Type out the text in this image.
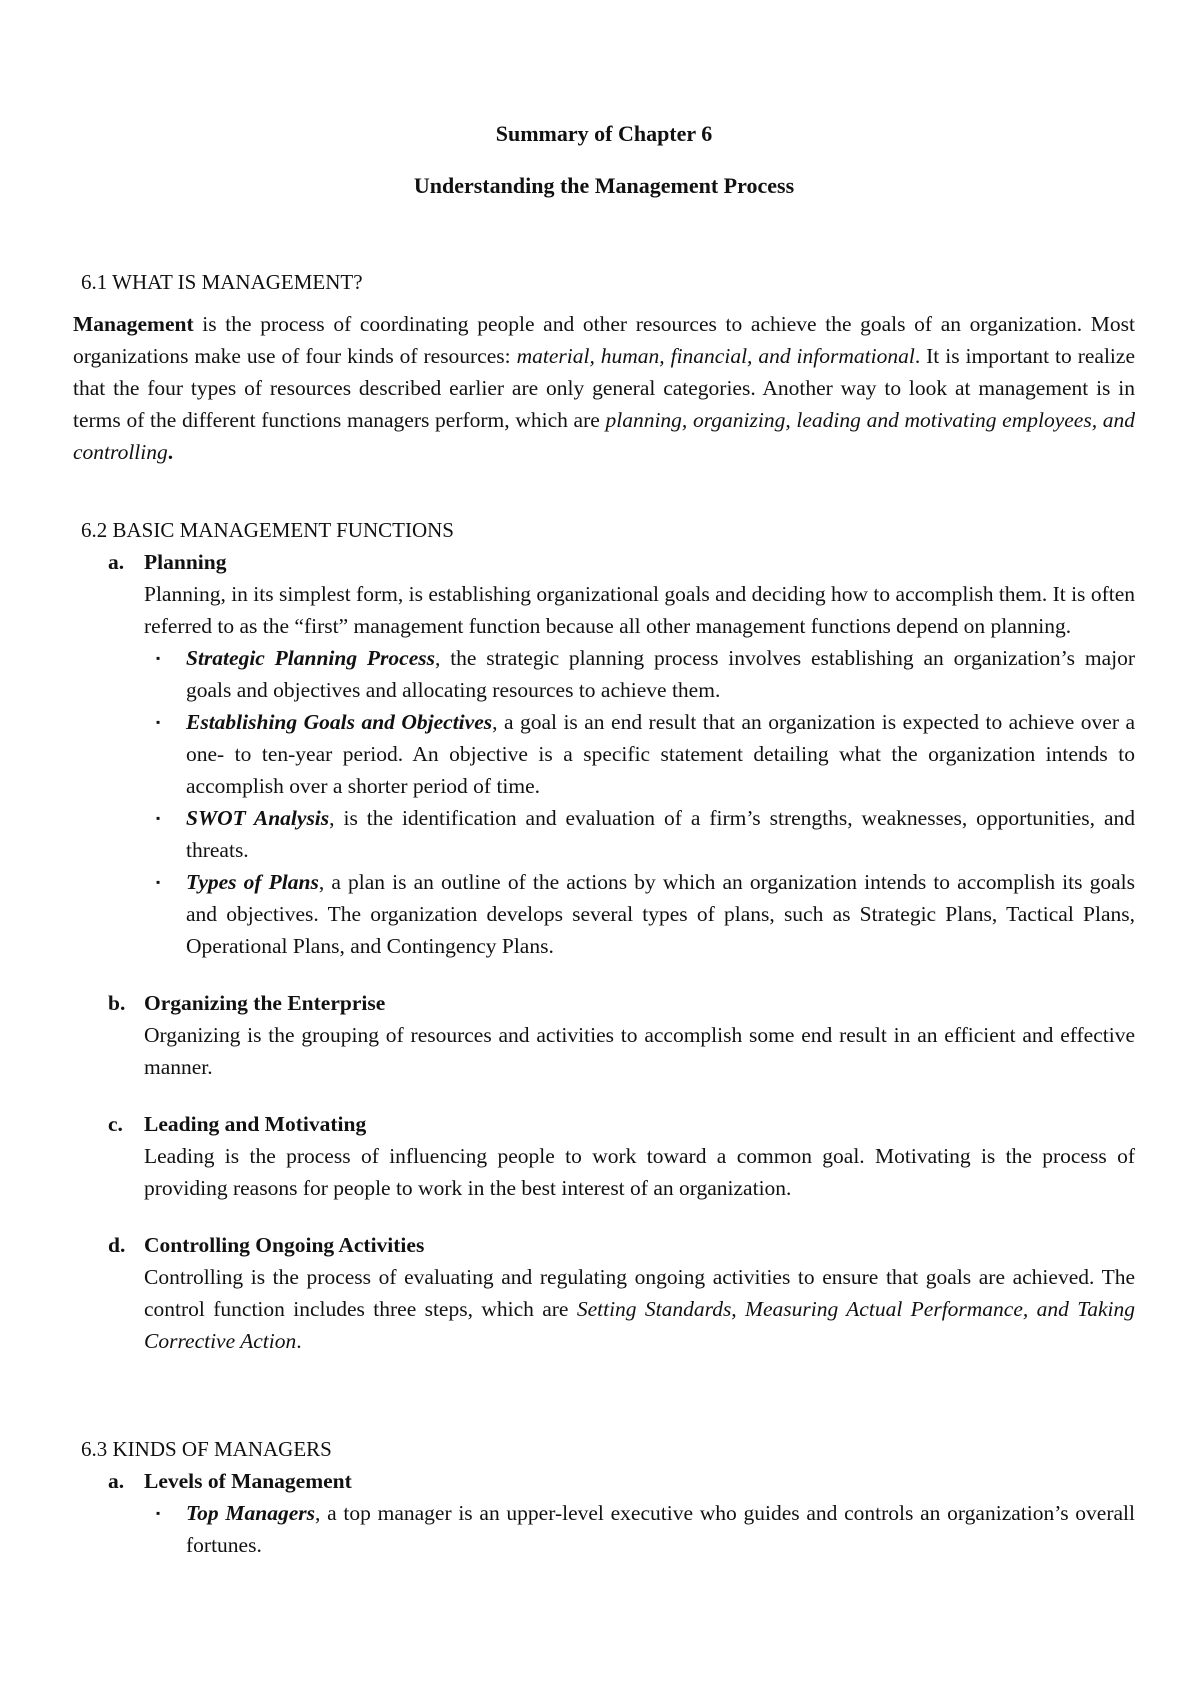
Summary of Chapter 6

Understanding the Management Process

6.1 WHAT IS MANAGEMENT?

Management is the process of coordinating people and other resources to achieve the goals of an organization. Most organizations make use of four kinds of resources: material, human, financial, and informational. It is important to realize that the four types of resources described earlier are only general categories. Another way to look at management is in terms of the different functions managers perform, which are planning, organizing, leading and motivating employees, and controlling.

6.2 BASIC MANAGEMENT FUNCTIONS

a. Planning

Planning, in its simplest form, is establishing organizational goals and deciding how to accomplish them. It is often referred to as the “first” management function because all other management functions depend on planning.

▪ Strategic Planning Process, the strategic planning process involves establishing an organization’s major goals and objectives and allocating resources to achieve them.
▪ Establishing Goals and Objectives, a goal is an end result that an organization is expected to achieve over a one- to ten-year period. An objective is a specific statement detailing what the organization intends to accomplish over a shorter period of time.
▪ SWOT Analysis, is the identification and evaluation of a firm’s strengths, weaknesses, opportunities, and threats.
▪ Types of Plans, a plan is an outline of the actions by which an organization intends to accomplish its goals and objectives. The organization develops several types of plans, such as Strategic Plans, Tactical Plans, Operational Plans, and Contingency Plans.

b. Organizing the Enterprise

Organizing is the grouping of resources and activities to accomplish some end result in an efficient and effective manner.

c. Leading and Motivating

Leading is the process of influencing people to work toward a common goal. Motivating is the process of providing reasons for people to work in the best interest of an organization.

d. Controlling Ongoing Activities

Controlling is the process of evaluating and regulating ongoing activities to ensure that goals are achieved. The control function includes three steps, which are Setting Standards, Measuring Actual Performance, and Taking Corrective Action.

6.3 KINDS OF MANAGERS

a. Levels of Management

▪ Top Managers, a top manager is an upper-level executive who guides and controls an organization’s overall fortunes.
